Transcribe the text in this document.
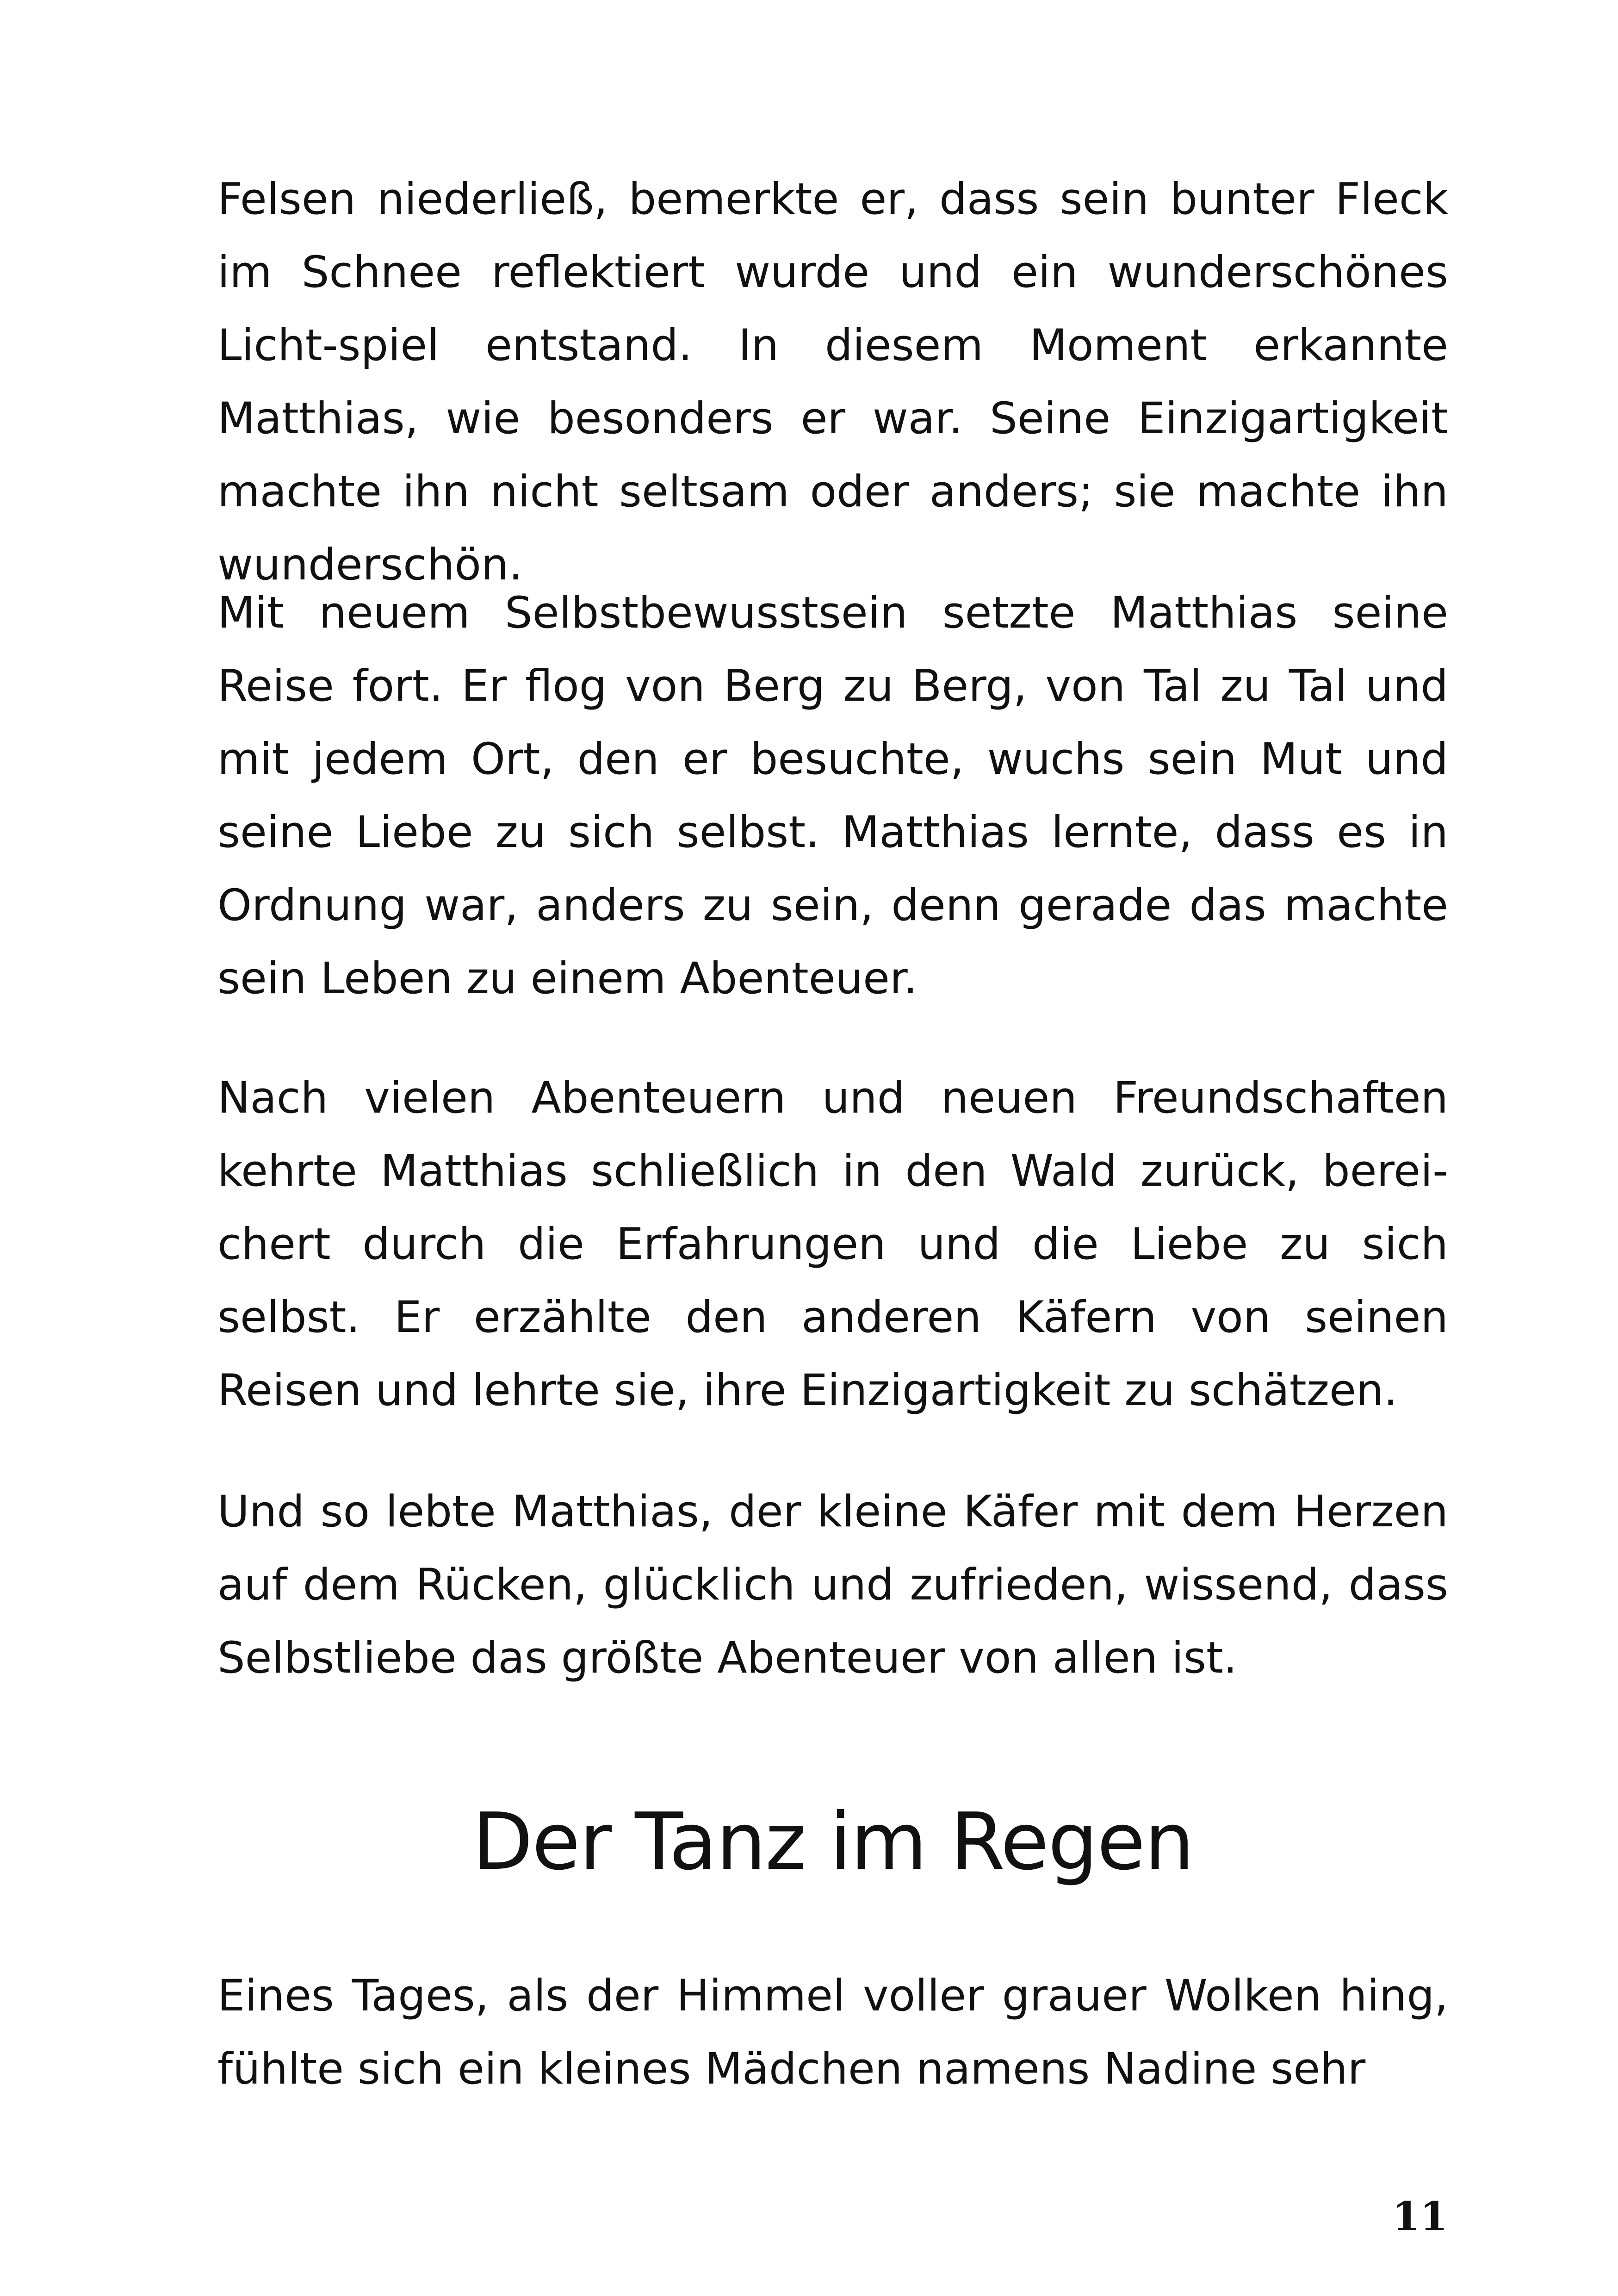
Felsen niederließ, bemerkte er, dass sein bunter Fleck im Schnee reflektiert wurde und ein wunderschönes Licht-spiel entstand. In diesem Moment erkannte Matthias, wie besonders er war. Seine Einzigartigkeit machte ihn nicht seltsam oder anders; sie machte ihn wunderschön.

Mit neuem Selbstbewusstsein setzte Matthias seine Reise fort. Er flog von Berg zu Berg, von Tal zu Tal und mit jedem Ort, den er besuchte, wuchs sein Mut und seine Liebe zu sich selbst. Matthias lernte, dass es in Ordnung war, anders zu sein, denn gerade das machte sein Leben zu einem Abenteuer.

Nach vielen Abenteuern und neuen Freundschaften kehrte Matthias schließlich in den Wald zurück, berei-chert durch die Erfahrungen und die Liebe zu sich selbst. Er erzählte den anderen Käfern von seinen Reisen und lehrte sie, ihre Einzigartigkeit zu schätzen.

Und so lebte Matthias, der kleine Käfer mit dem Herzen auf dem Rücken, glücklich und zufrieden, wissend, dass Selbstliebe das größte Abenteuer von allen ist.

Der Tanz im Regen

Eines Tages, als der Himmel voller grauer Wolken hing, fühlte sich ein kleines Mädchen namens Nadine sehr

11
